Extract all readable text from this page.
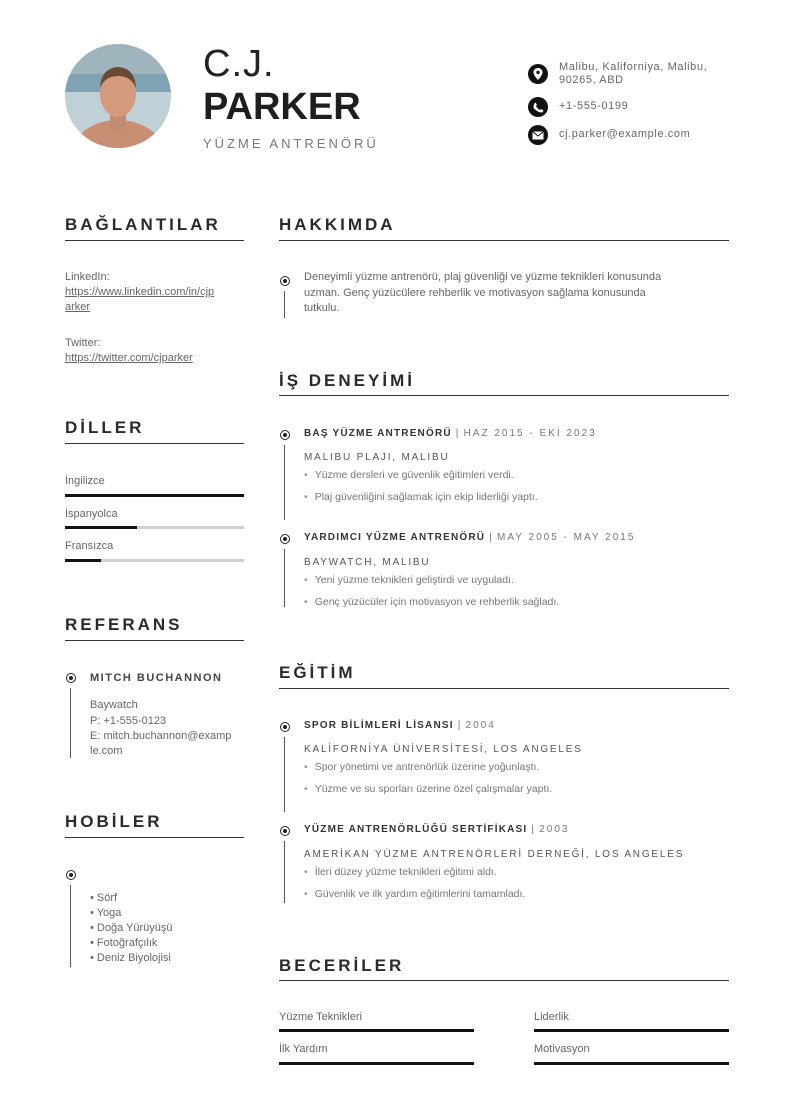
C.J.
PARKER
YÜZME ANTRENÖRÜ
Malibu, Kaliforniya, Malibu,
90265, ABD
+1-555-0199
cj.parker@example.com
BAĞLANTILAR
LinkedIn:
https://www.linkedin.com/in/cjp
arker
Twitter:
https://twitter.com/cjparker
DİLLER
İngilizce
İspanyolca
Fransızca
REFERANS
MITCH BUCHANNON
Baywatch
P: +1-555-0123
E: mitch.buchannon@examp
le.com
HOBİLER
• Sörf
• Yoga
• Doğa Yürüyüşü
• Fotoğrafçılık
• Deniz Biyolojisi
HAKKIMDA
Deneyimli yüzme antrenörü, plaj güvenliği ve yüzme teknikleri konusunda
uzman. Genç yüzücülere rehberlik ve motivasyon sağlama konusunda
tutkulu.
İŞ DENEYİMİ
BAŞ YÜZME ANTRENÖRÜ | HAZ 2015 - EKİ 2023
MALIBU PLAJI, MALIBU
• Yüzme dersleri ve güvenlik eğitimleri verdi.
• Plaj güvenliğini sağlamak için ekip liderliği yaptı.
YARDIMCI YÜZME ANTRENÖRÜ | MAY 2005 - MAY 2015
BAYWATCH, MALIBU
• Yeni yüzme teknikleri geliştirdi ve uyguladı.
• Genç yüzücüler için motivasyon ve rehberlik sağladı.
EĞİTİM
SPOR BİLİMLERİ LİSANSI | 2004
KALİFORNİYA ÜNİVERSİTESİ, LOS ANGELES
• Spor yönetimi ve antrenörlük üzerine yoğunlaştı.
• Yüzme ve su sporları üzerine özel çalışmalar yaptı.
YÜZME ANTRENÖRLÜĞÜ SERTİFİKASI | 2003
AMERİKAN YÜZME ANTRENÖRLERİ DERNEĞİ, LOS ANGELES
• İleri düzey yüzme teknikleri eğitimi aldı.
• Güvenlik ve ilk yardım eğitimlerini tamamladı.
BECERİLER
Yüzme Teknikleri	Liderlik
İlk Yardım	Motivasyon
